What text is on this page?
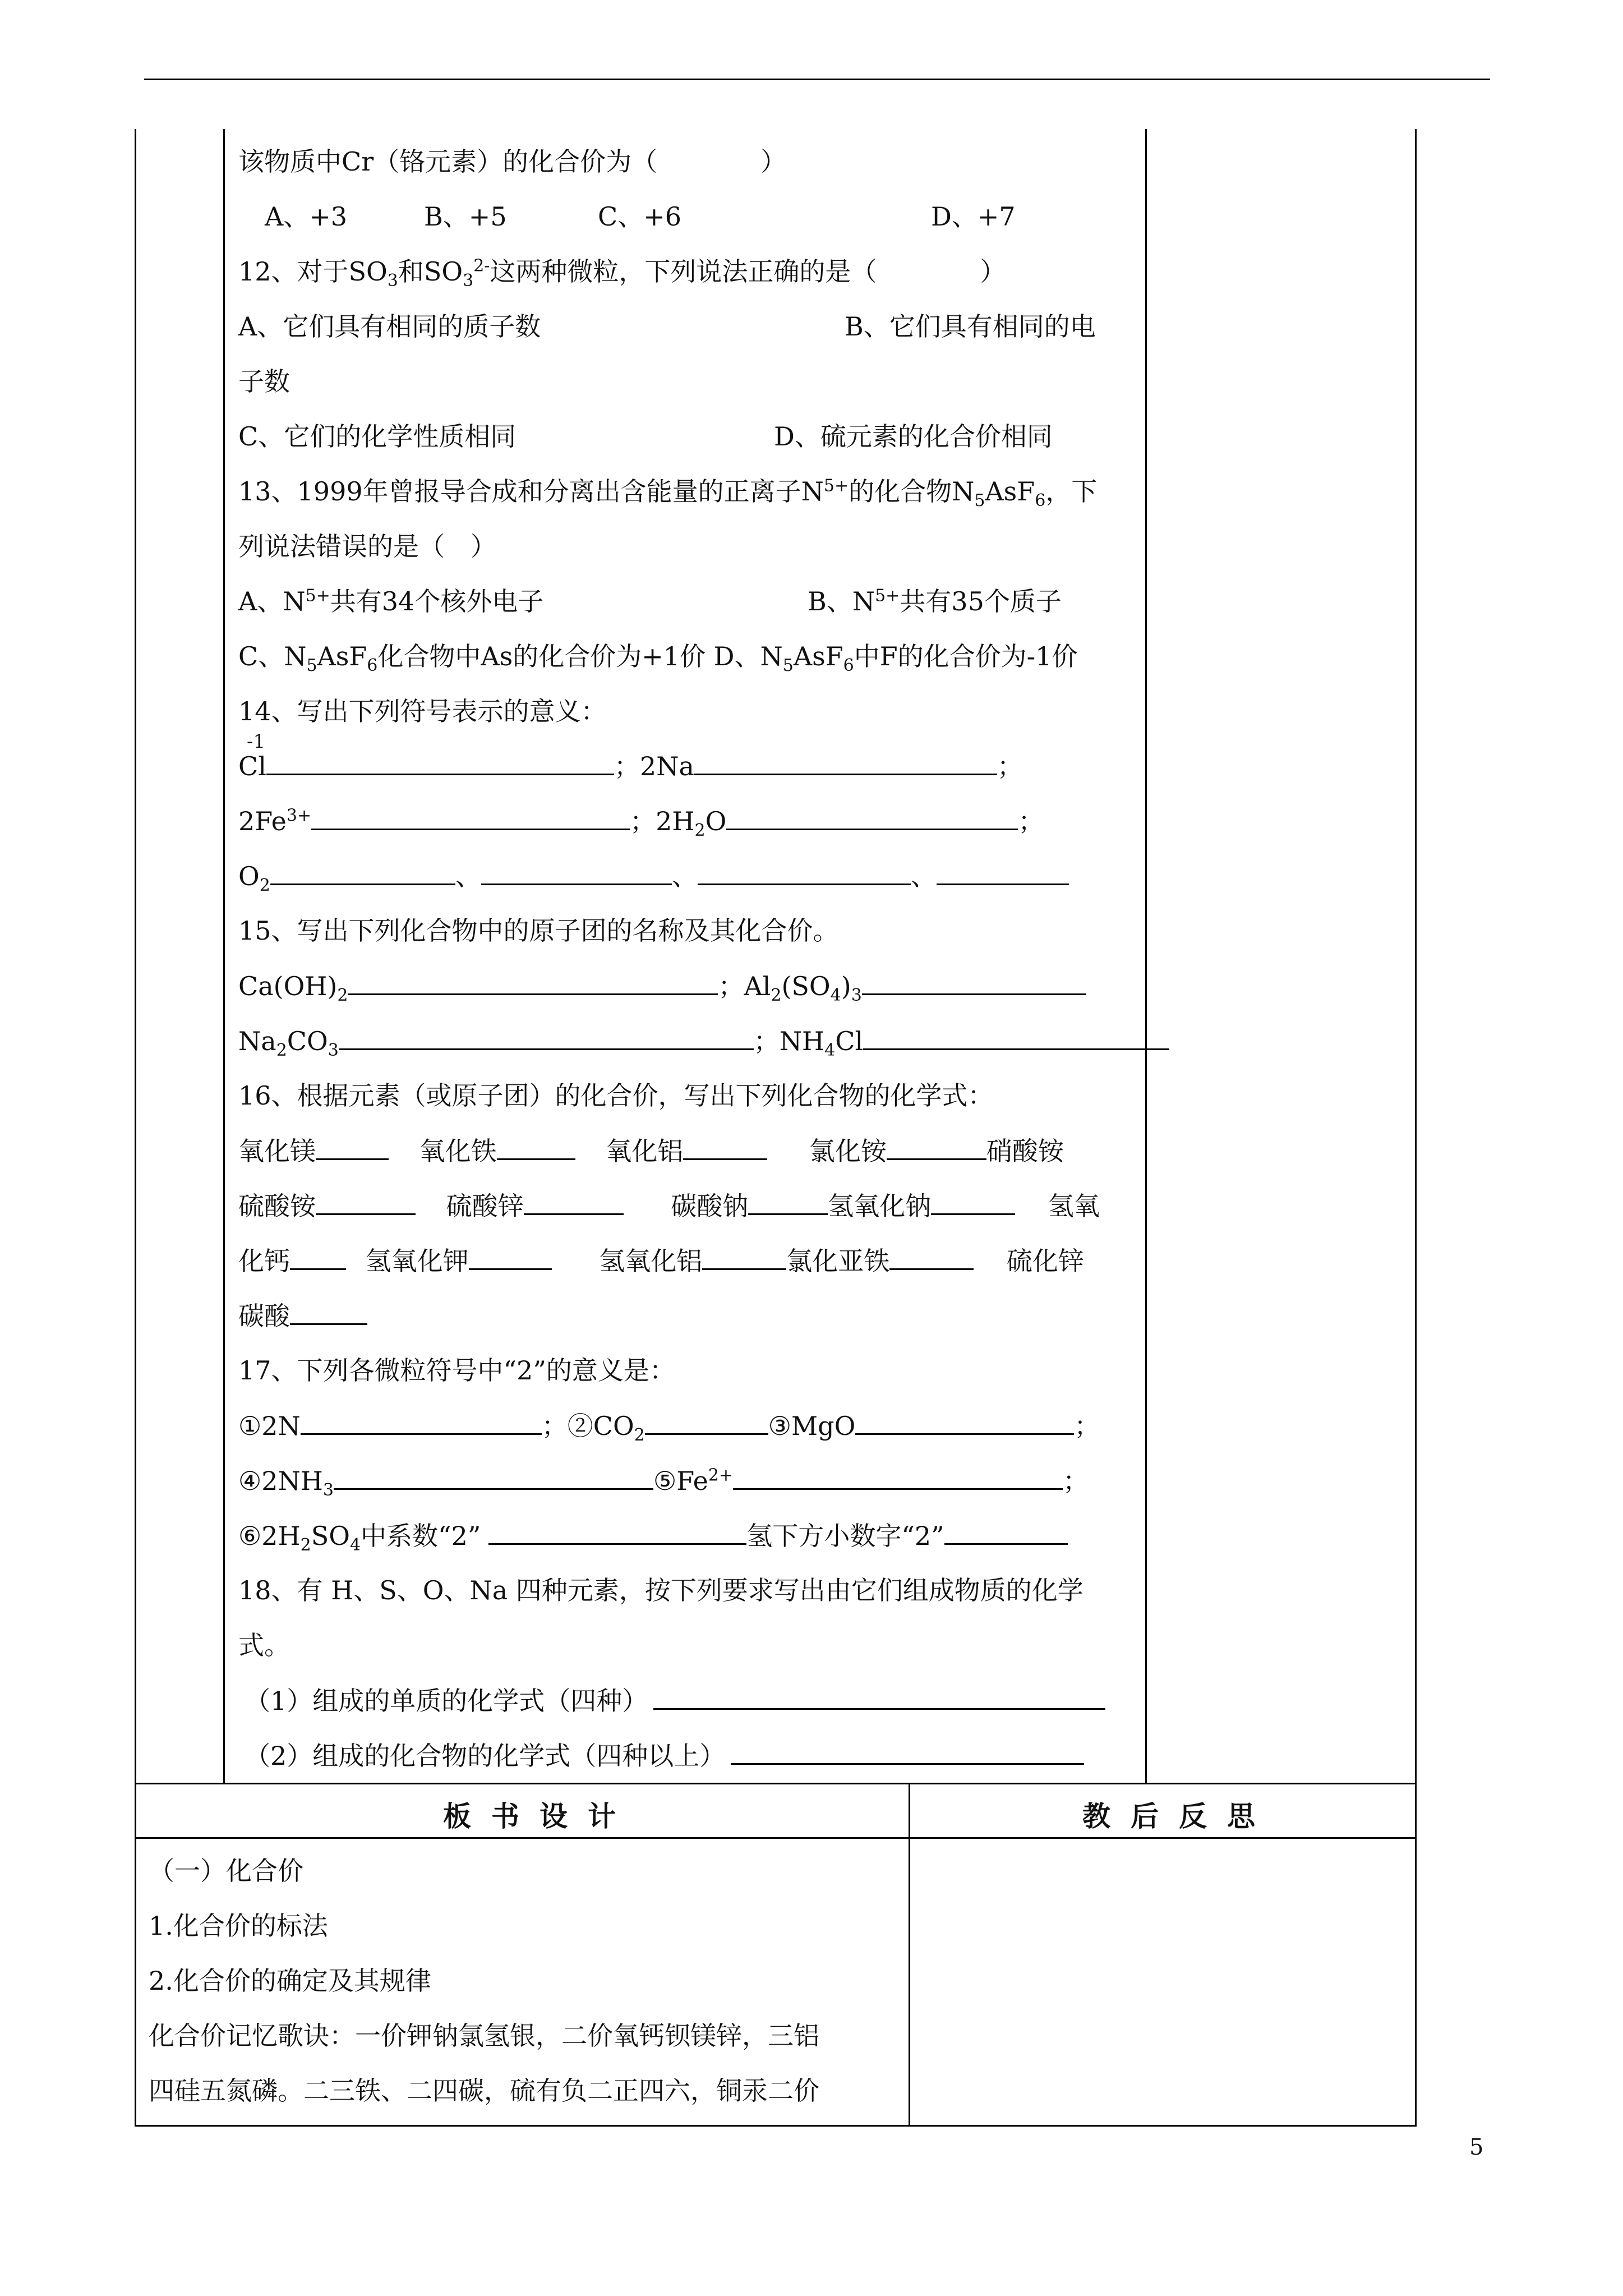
该物质中Cr（铬元素）的化合价为（　　　　）
A、+3	B、+5	C、+6	D、+7
12、对于$SO_3$和$SO_3^{2-}$这两种微粒，下列说法正确的是（　　　　）
A、它们具有相同的质子数	B、它们具有相同的电
子数
C、它们的化学性质相同	D、硫元素的化合价相同
13、1999年曾报导合成和分离出含能量的正离子$N^{5+}$的化合物$N_5AsF_6$，下
列说法错误的是（　）
A、$N^{5+}$共有34个核外电子	B、$N^{5+}$共有35个质子
C、$N_5AsF_6$化合物中As的化合价为+1价 D、$N_5AsF_6$中F的化合价为-1价
14、写出下列符号表示的意义：
-1
Cl	；2Na	；
$2Fe^{3+}$	；$2H_2O$	；
$O_2$	、	、	、
15、写出下列化合物中的原子团的名称及其化合价。
$Ca(OH)_2$	；$Al_2(SO_4)_3$
$Na_2CO_3$	；$NH_4Cl$
16、根据元素（或原子团）的化合价，写出下列化合物的化学式：
氧化镁	氧化铁	氧化铝	氯化铵	硝酸铵
硫酸铵	硫酸锌	碳酸钠	氢氧化钠	氢氧
化钙	氢氧化钾	氢氧化铝	氯化亚铁	硫化锌
碳酸
17、下列各微粒符号中“2”的意义是：
①2N	；$②CO_2$	③MgO	；
$④2NH_3$	$⑤Fe^{2+}$	；
$⑥2H_2SO_4$中系数“2”	氢下方小数字“2”
18、有 H、S、O、Na 四种元素，按下列要求写出由它们组成物质的化学
式。
（1）组成的单质的化学式（四种）
（2）组成的化合物的化学式（四种以上）
板书设计	教后反思
（一）化合价
1.化合价的标法
2.化合价的确定及其规律
化合价记忆歌诀：一价钾钠氯氢银，二价氧钙钡镁锌，三铝
四硅五氮磷。二三铁、二四碳，硫有负二正四六，铜汞二价
5
